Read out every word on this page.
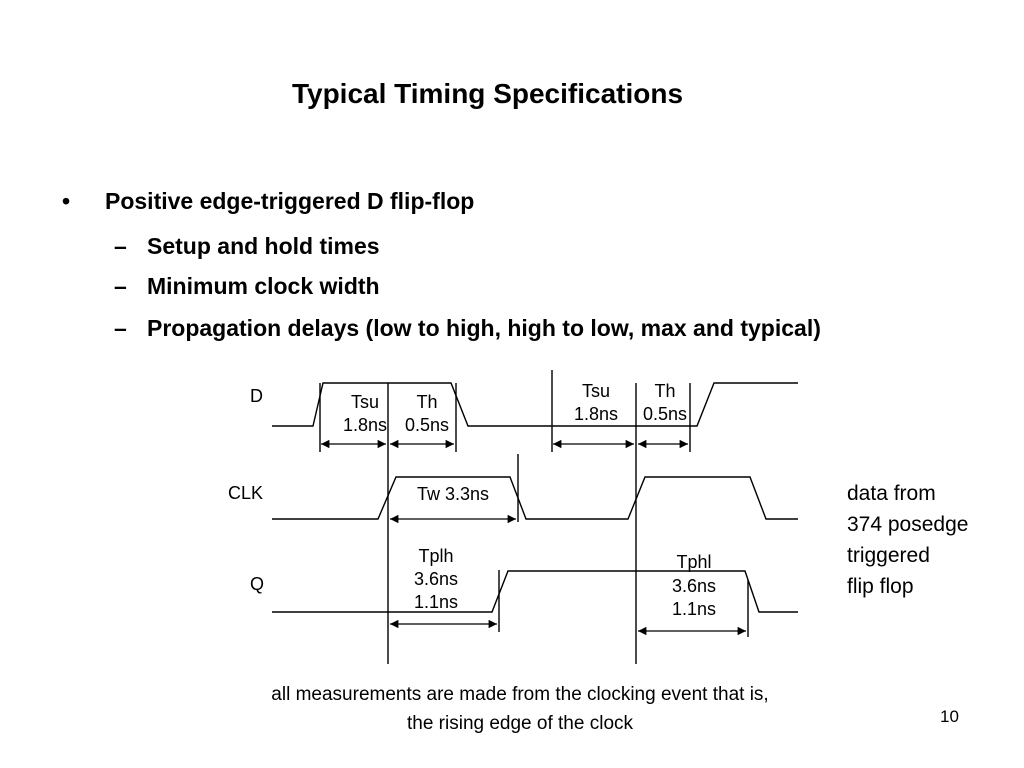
Typical Timing Specifications
• Positive edge-triggered D flip-flop
– Setup and hold times
– Minimum clock width
– Propagation delays (low to high, high to low, max and typical)
D
CLK
Q
Tsu
1.8ns
Th
0.5ns
Tsu
1.8ns
Th
0.5ns
Tw 3.3ns
Tplh
3.6ns
1.1ns
Tphl
3.6ns
1.1ns
data from
374 posedge
triggered
flip flop
all measurements are made from the clocking event that is,
the rising edge of the clock	10
